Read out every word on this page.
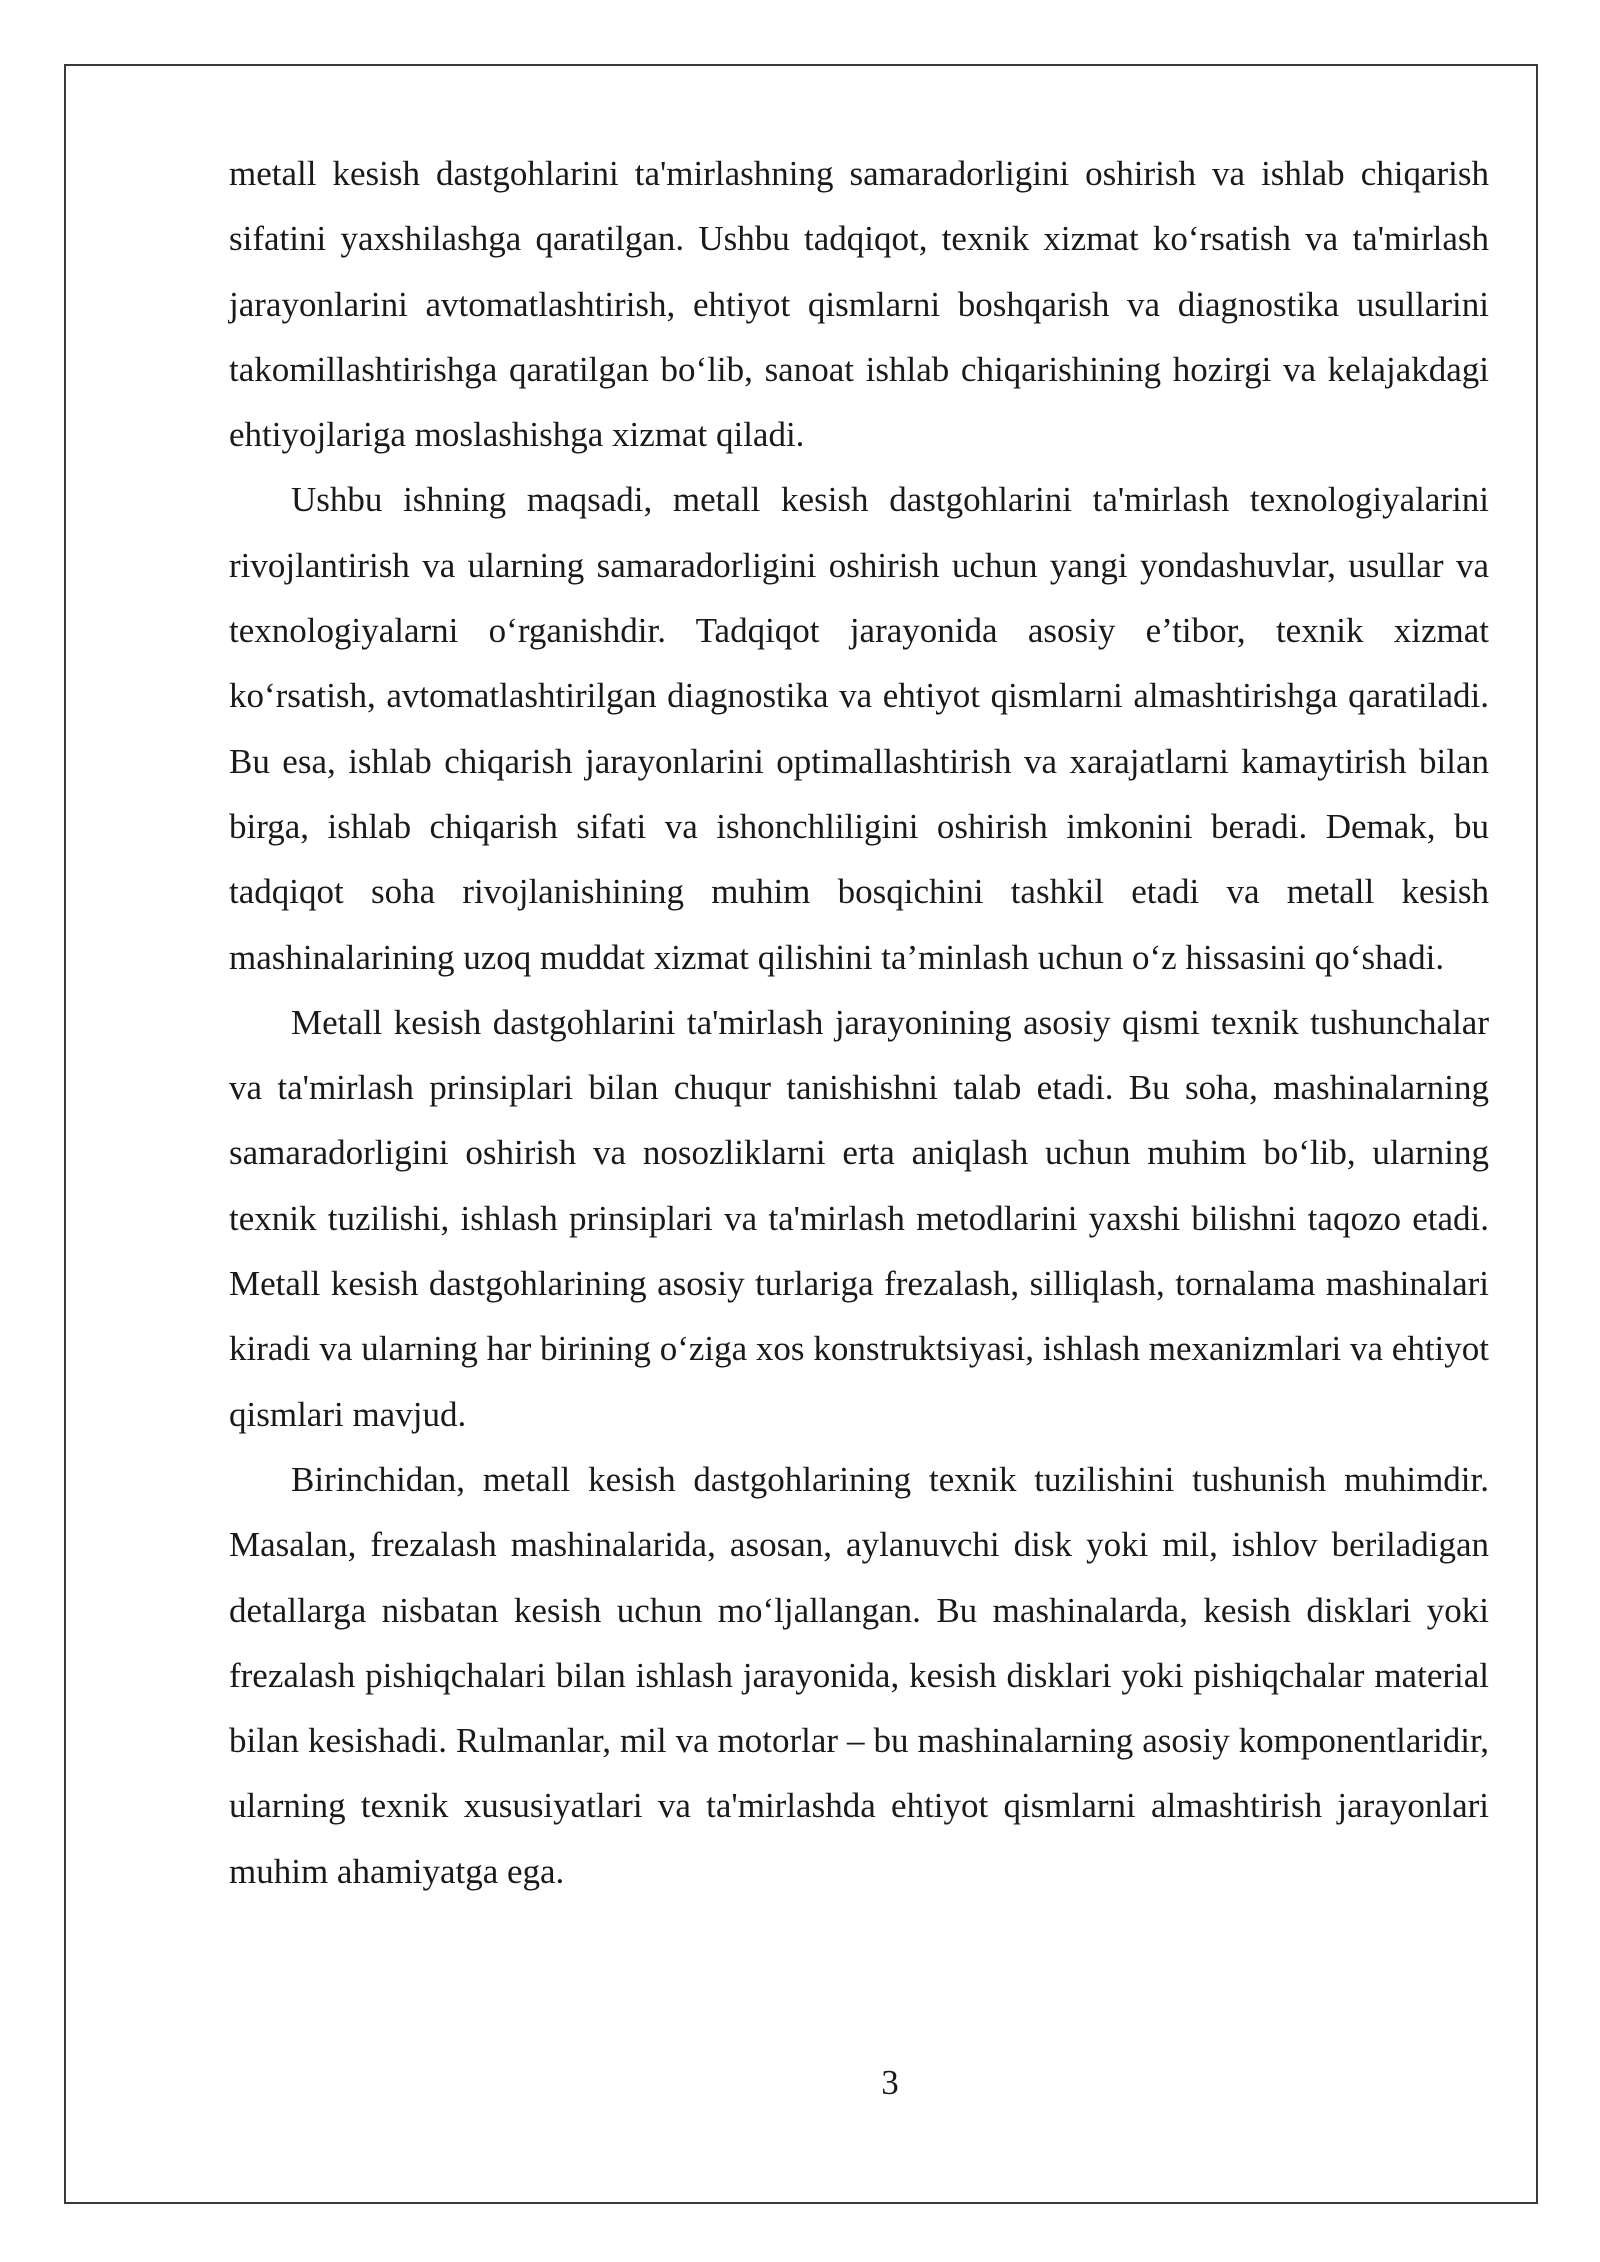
metall kesish dastgohlarini ta'mirlashning samaradorligini oshirish va ishlab chiqarish sifatini yaxshilashga qaratilgan. Ushbu tadqiqot, texnik xizmat ko‘rsatish va ta'mirlash jarayonlarini avtomatlashtirish, ehtiyot qismlarni boshqarish va diagnostika usullarini takomillashtirishga qaratilgan bo‘lib, sanoat ishlab chiqarishining hozirgi va kelajakdagi ehtiyojlariga moslashishga xizmat qiladi.

Ushbu ishning maqsadi, metall kesish dastgohlarini ta'mirlash texnologiyalarini rivojlantirish va ularning samaradorligini oshirish uchun yangi yondashuvlar, usullar va texnologiyalarni o‘rganishdir. Tadqiqot jarayonida asosiy e’tibor, texnik xizmat ko‘rsatish, avtomatlashtirilgan diagnostika va ehtiyot qismlarni almashtirishga qaratiladi. Bu esa, ishlab chiqarish jarayonlarini optimallashtirish va xarajatlarni kamaytirish bilan birga, ishlab chiqarish sifati va ishonchliligini oshirish imkonini beradi. Demak, bu tadqiqot soha rivojlanishining muhim bosqichini tashkil etadi va metall kesish mashinalarining uzoq muddat xizmat qilishini ta’minlash uchun o‘z hissasini qo‘shadi.

Metall kesish dastgohlarini ta'mirlash jarayonining asosiy qismi texnik tushunchalar va ta'mirlash prinsiplari bilan chuqur tanishishni talab etadi. Bu soha, mashinalarning samaradorligini oshirish va nosozliklarni erta aniqlash uchun muhim bo‘lib, ularning texnik tuzilishi, ishlash prinsiplari va ta'mirlash metodlarini yaxshi bilishni taqozo etadi. Metall kesish dastgohlarining asosiy turlariga frezalash, silliqlash, tornalama mashinalari kiradi va ularning har birining o‘ziga xos konstruktsiyasi, ishlash mexanizmlari va ehtiyot qismlari mavjud.

Birinchidan, metall kesish dastgohlarining texnik tuzilishini tushunish muhimdir. Masalan, frezalash mashinalarida, asosan, aylanuvchi disk yoki mil, ishlov beriladigan detallarga nisbatan kesish uchun mo‘ljallangan. Bu mashinalarda, kesish disklari yoki frezalash pishiqchalari bilan ishlash jarayonida, kesish disklari yoki pishiqchalar material bilan kesishadi. Rulmanlar, mil va motorlar – bu mashinalarning asosiy komponentlaridir, ularning texnik xususiyatlari va ta'mirlashda ehtiyot qismlarni almashtirish jarayonlari muhim ahamiyatga ega.

3
